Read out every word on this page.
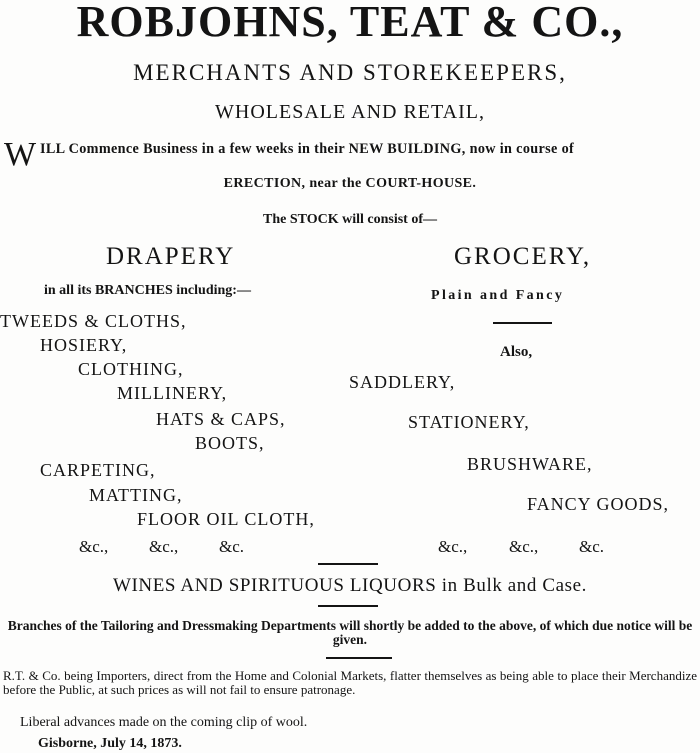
ROBJOHNS, TEAT & CO.,
MERCHANTS AND STOREKEEPERS,
WHOLESALE AND RETAIL,
W ILL Commence Business in a few weeks in their NEW BUILDING, now in course of
ERECTION, near the COURT-HOUSE.
The STOCK will consist of—
DRAPERY
in all its BRANCHES including:—
TWEEDS & CLOTHS,
HOSIERY,
CLOTHING,
MILLINERY,
HATS & CAPS,
BOOTS,
CARPETING,
MATTING,
FLOOR OIL CLOTH,
&c., &c., &c.
GROCERY,
Plain and Fancy
Also,
SADDLERY,
STATIONERY,
BRUSHWARE,
FANCY GOODS,
&c., &c., &c.
WINES AND SPIRITUOUS LIQUORS in Bulk and Case.
Branches of the Tailoring and Dressmaking Departments will shortly be added to the above, of which due notice will be given.
R.T. & Co. being Importers, direct from the Home and Colonial Markets, flatter themselves as being able to place their Merchandize before the Public, at such prices as will not fail to ensure patronage.
Liberal advances made on the coming clip of wool.
Gisborne, July 14, 1873.
